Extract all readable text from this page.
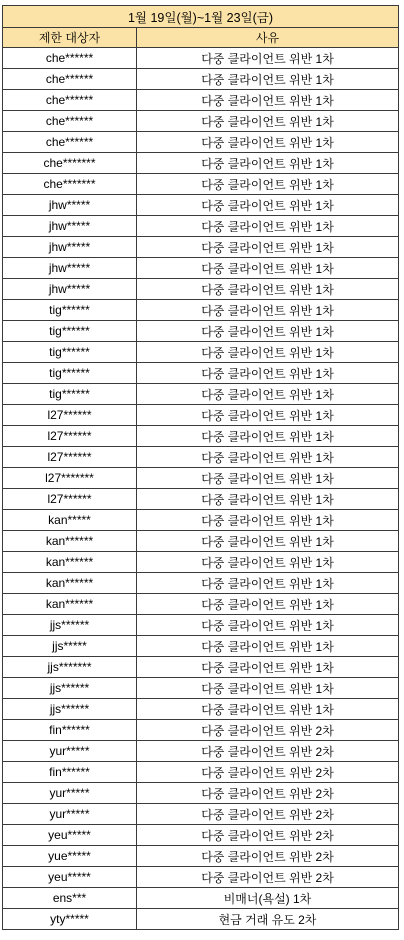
1월 19일(월)~1월 23일(금)	
제한 대상자	사유
che******	다중 클라이언트 위반 1차
che******	다중 클라이언트 위반 1차
che******	다중 클라이언트 위반 1차
che******	다중 클라이언트 위반 1차
che******	다중 클라이언트 위반 1차
che*******	다중 클라이언트 위반 1차
che*******	다중 클라이언트 위반 1차
jhw*****	다중 클라이언트 위반 1차
jhw*****	다중 클라이언트 위반 1차
jhw*****	다중 클라이언트 위반 1차
jhw*****	다중 클라이언트 위반 1차
jhw*****	다중 클라이언트 위반 1차
tig******	다중 클라이언트 위반 1차
tig******	다중 클라이언트 위반 1차
tig******	다중 클라이언트 위반 1차
tig******	다중 클라이언트 위반 1차
tig******	다중 클라이언트 위반 1차
l27******	다중 클라이언트 위반 1차
l27******	다중 클라이언트 위반 1차
l27******	다중 클라이언트 위반 1차
l27*******	다중 클라이언트 위반 1차
l27******	다중 클라이언트 위반 1차
kan*****	다중 클라이언트 위반 1차
kan******	다중 클라이언트 위반 1차
kan******	다중 클라이언트 위반 1차
kan******	다중 클라이언트 위반 1차
kan******	다중 클라이언트 위반 1차
jjs******	다중 클라이언트 위반 1차
jjs*****	다중 클라이언트 위반 1차
jjs*******	다중 클라이언트 위반 1차
jjs******	다중 클라이언트 위반 1차
jjs******	다중 클라이언트 위반 1차
fin******	다중 클라이언트 위반 2차
yur*****	다중 클라이언트 위반 2차
fin******	다중 클라이언트 위반 2차
yur*****	다중 클라이언트 위반 2차
yur*****	다중 클라이언트 위반 2차
yeu*****	다중 클라이언트 위반 2차
yue*****	다중 클라이언트 위반 2차
yeu*****	다중 클라이언트 위반 2차
ens***	비매너(욕설) 1차
yty*****	현금 거래 유도 2차
